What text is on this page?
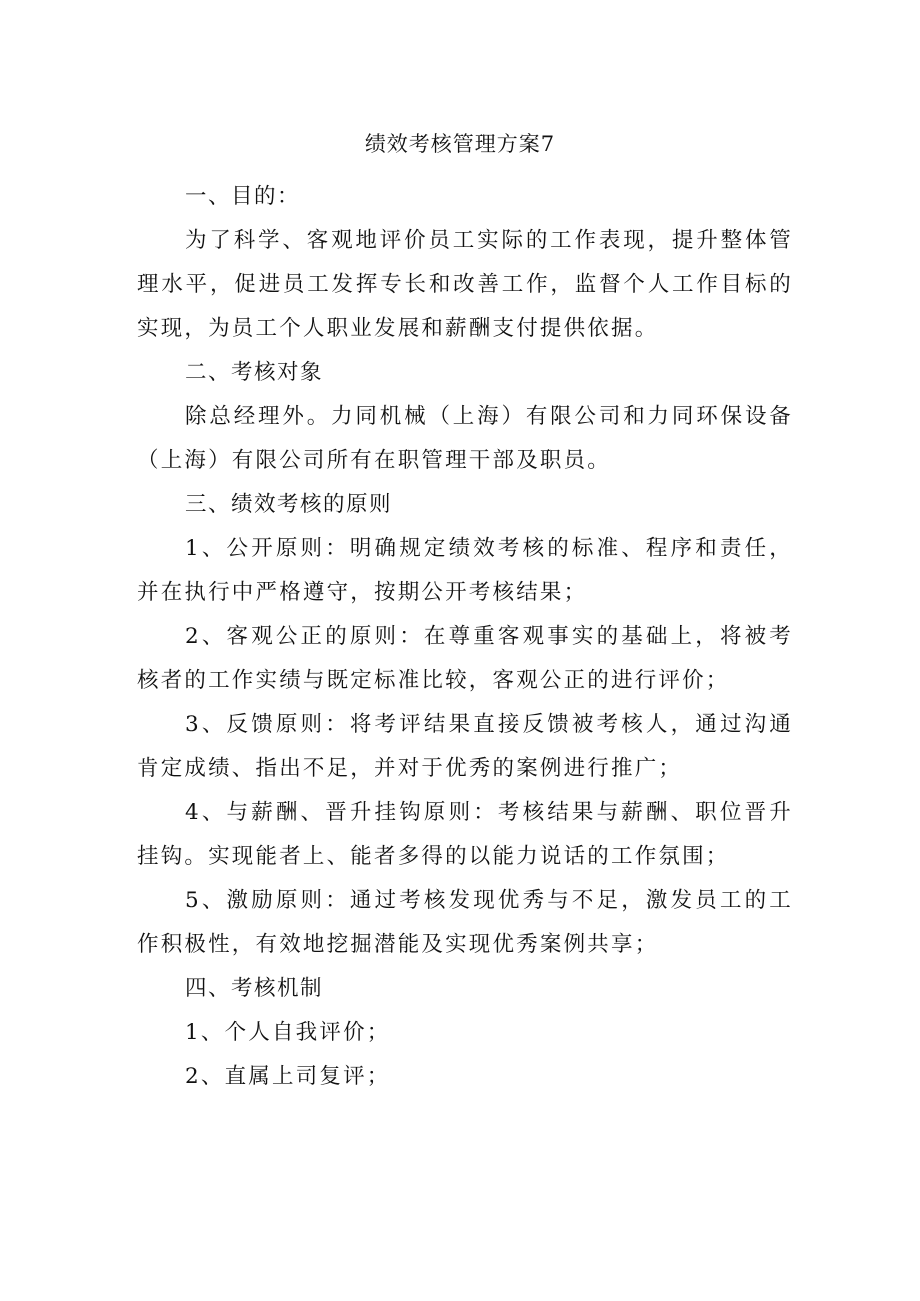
绩效考核管理方案7

一、目的：

为了科学、客观地评价员工实际的工作表现，提升整体管理水平，促进员工发挥专长和改善工作，监督个人工作目标的实现，为员工个人职业发展和薪酬支付提供依据。

二、考核对象

除总经理外。力同机械（上海）有限公司和力同环保设备（上海）有限公司所有在职管理干部及职员。

三、绩效考核的原则

1、公开原则：明确规定绩效考核的标准、程序和责任，并在执行中严格遵守，按期公开考核结果；

2、客观公正的原则：在尊重客观事实的基础上，将被考核者的工作实绩与既定标准比较，客观公正的进行评价；

3、反馈原则：将考评结果直接反馈被考核人，通过沟通肯定成绩、指出不足，并对于优秀的案例进行推广；

4、与薪酬、晋升挂钩原则：考核结果与薪酬、职位晋升挂钩。实现能者上、能者多得的以能力说话的工作氛围；

5、激励原则：通过考核发现优秀与不足，激发员工的工作积极性，有效地挖掘潜能及实现优秀案例共享；

四、考核机制

1、个人自我评价；

2、直属上司复评；
